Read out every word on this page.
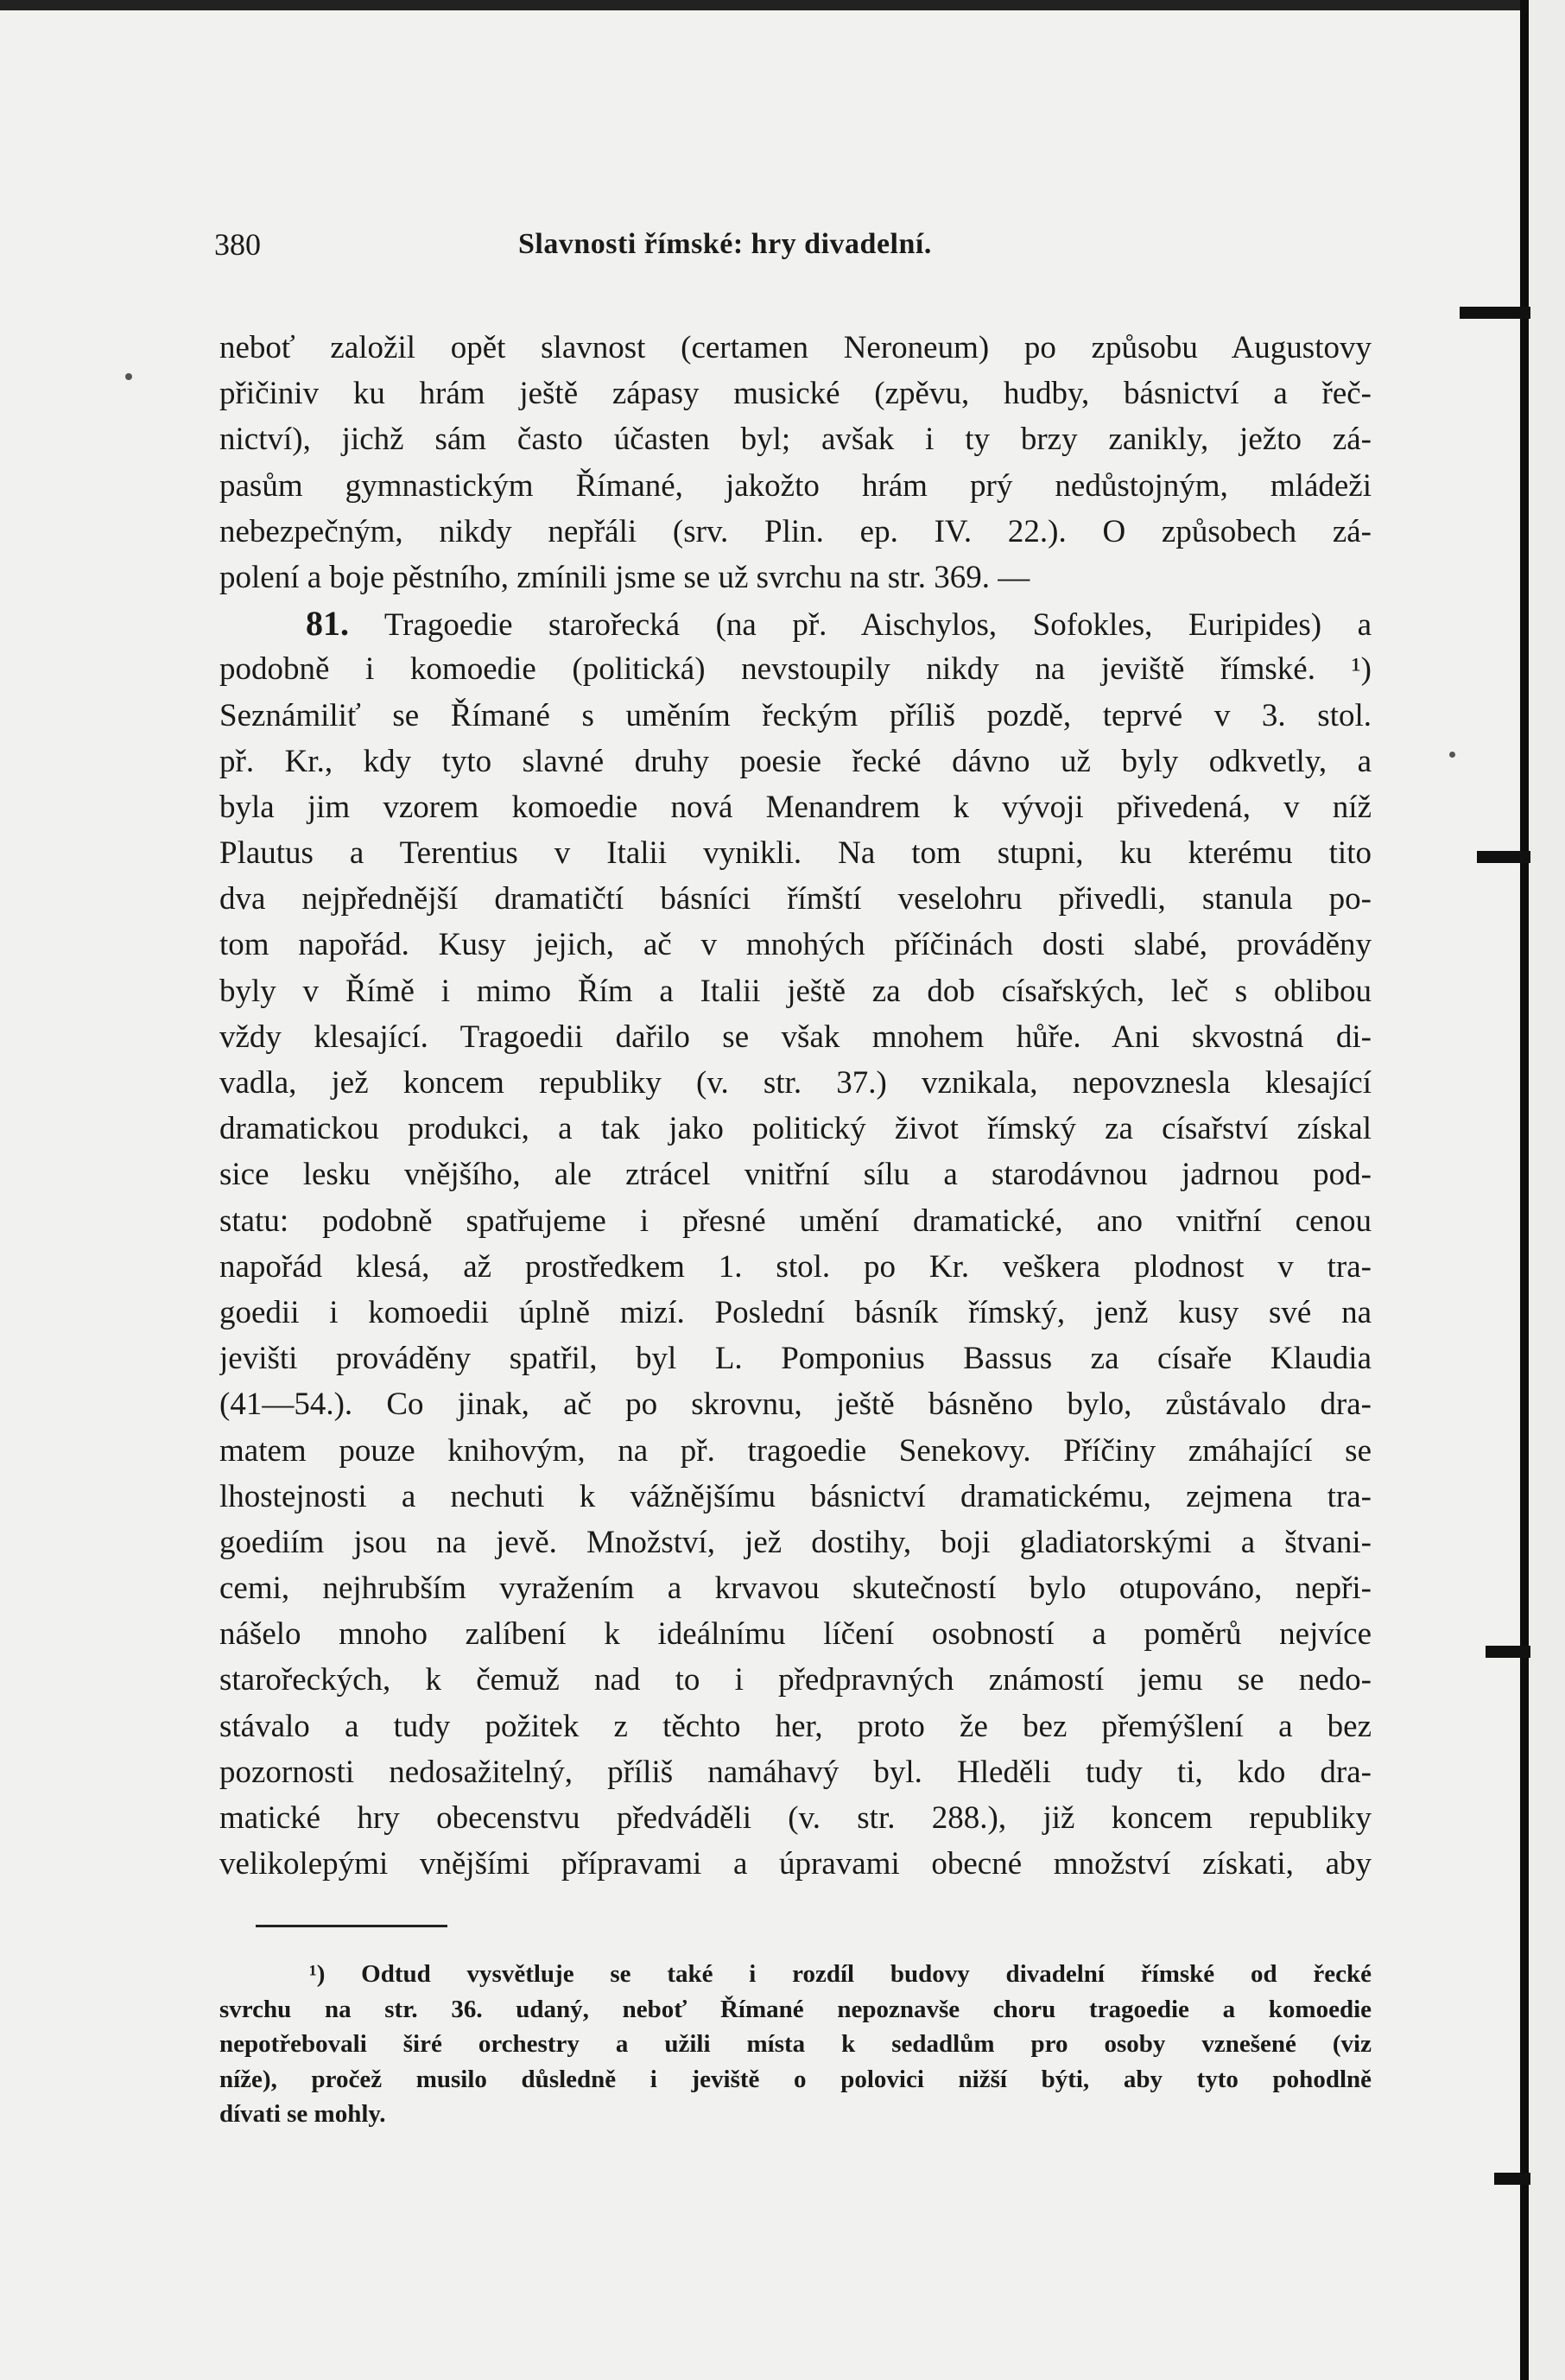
380	Slavnosti římské: hry divadelní.
neboť založil opět slavnost (certamen Neroneum) po způsobu Augustovy
přičiniv ku hrám ještě zápasy musické (zpěvu, hudby, básnictví a řeč-
nictví), jichž sám často účasten byl; avšak i ty brzy zanikly, ježto zá-
pasům gymnastickým Římané, jakožto hrám prý nedůstojným, mládeži
nebezpečným, nikdy nepřáli (srv. Plin. ep. IV. 22.). O způsobech zá-
polení a boje pěstního, zmínili jsme se už svrchu na str. 369. —
81. Tragoedie starořecká (na př. Aischylos, Sofokles, Euripides) a
podobně i komoedie (politická) nevstoupily nikdy na jeviště římské. ¹)
Seznámiliť se Římané s uměním řeckým příliš pozdě, teprvé v 3. stol.
př. Kr., kdy tyto slavné druhy poesie řecké dávno už byly odkvetly, a
byla jim vzorem komoedie nová Menandrem k vývoji přivedená, v níž
Plautus a Terentius v Italii vynikli. Na tom stupni, ku kterému tito
dva nejpřednější dramatičtí básníci římští veselohru přivedli, stanula po-
tom napořád. Kusy jejich, ač v mnohých příčinách dosti slabé, prováděny
byly v Římě i mimo Řím a Italii ještě za dob císařských, leč s oblibou
vždy klesající. Tragoedii dařilo se však mnohem hůře. Ani skvostná di-
vadla, jež koncem republiky (v. str. 37.) vznikala, nepovznesla klesající
dramatickou produkci, a tak jako politický život římský za císařství získal
sice lesku vnějšího, ale ztrácel vnitřní sílu a starodávnou jadrnou pod-
statu: podobně spatřujeme i přesné umění dramatické, ano vnitřní cenou
napořád klesá, až prostředkem 1. stol. po Kr. veškera plodnost v tra-
goedii i komoedii úplně mizí. Poslední básník římský, jenž kusy své na
jevišti prováděny spatřil, byl L. Pomponius Bassus za císaře Klaudia
(41—54.). Co jinak, ač po skrovnu, ještě básněno bylo, zůstávalo dra-
matem pouze knihovým, na př. tragoedie Senekovy. Příčiny zmáhající se
lhostejnosti a nechuti k vážnějšímu básnictví dramatickému, zejmena tra-
goediím jsou na jevě. Množství, jež dostihy, boji gladiatorskými a štvani-
cemi, nejhrubším vyražením a krvavou skutečností bylo otupováno, nepři-
nášelo mnoho zalíbení k ideálnímu líčení osobností a poměrů nejvíce
starořeckých, k čemuž nad to i předpravných známostí jemu se nedo-
stávalo a tudy požitek z těchto her, proto že bez přemýšlení a bez
pozornosti nedosažitelný, příliš namáhavý byl. Hleděli tudy ti, kdo dra-
matické hry obecenstvu předváděli (v. str. 288.), již koncem republiky
velikolepými vnějšími přípravami a úpravami obecné množství získati, aby
¹) Odtud vysvětluje se také i rozdíl budovy divadelní římské od řecké
svrchu na str. 36. udaný, neboť Římané nepoznavše choru tragoedie a komoedie
nepotřebovali širé orchestry a užili místa k sedadlům pro osoby vznešené (viz
níže), pročež musilo důsledně i jeviště o polovici nižší býti, aby tyto pohodlně
dívati se mohly.
